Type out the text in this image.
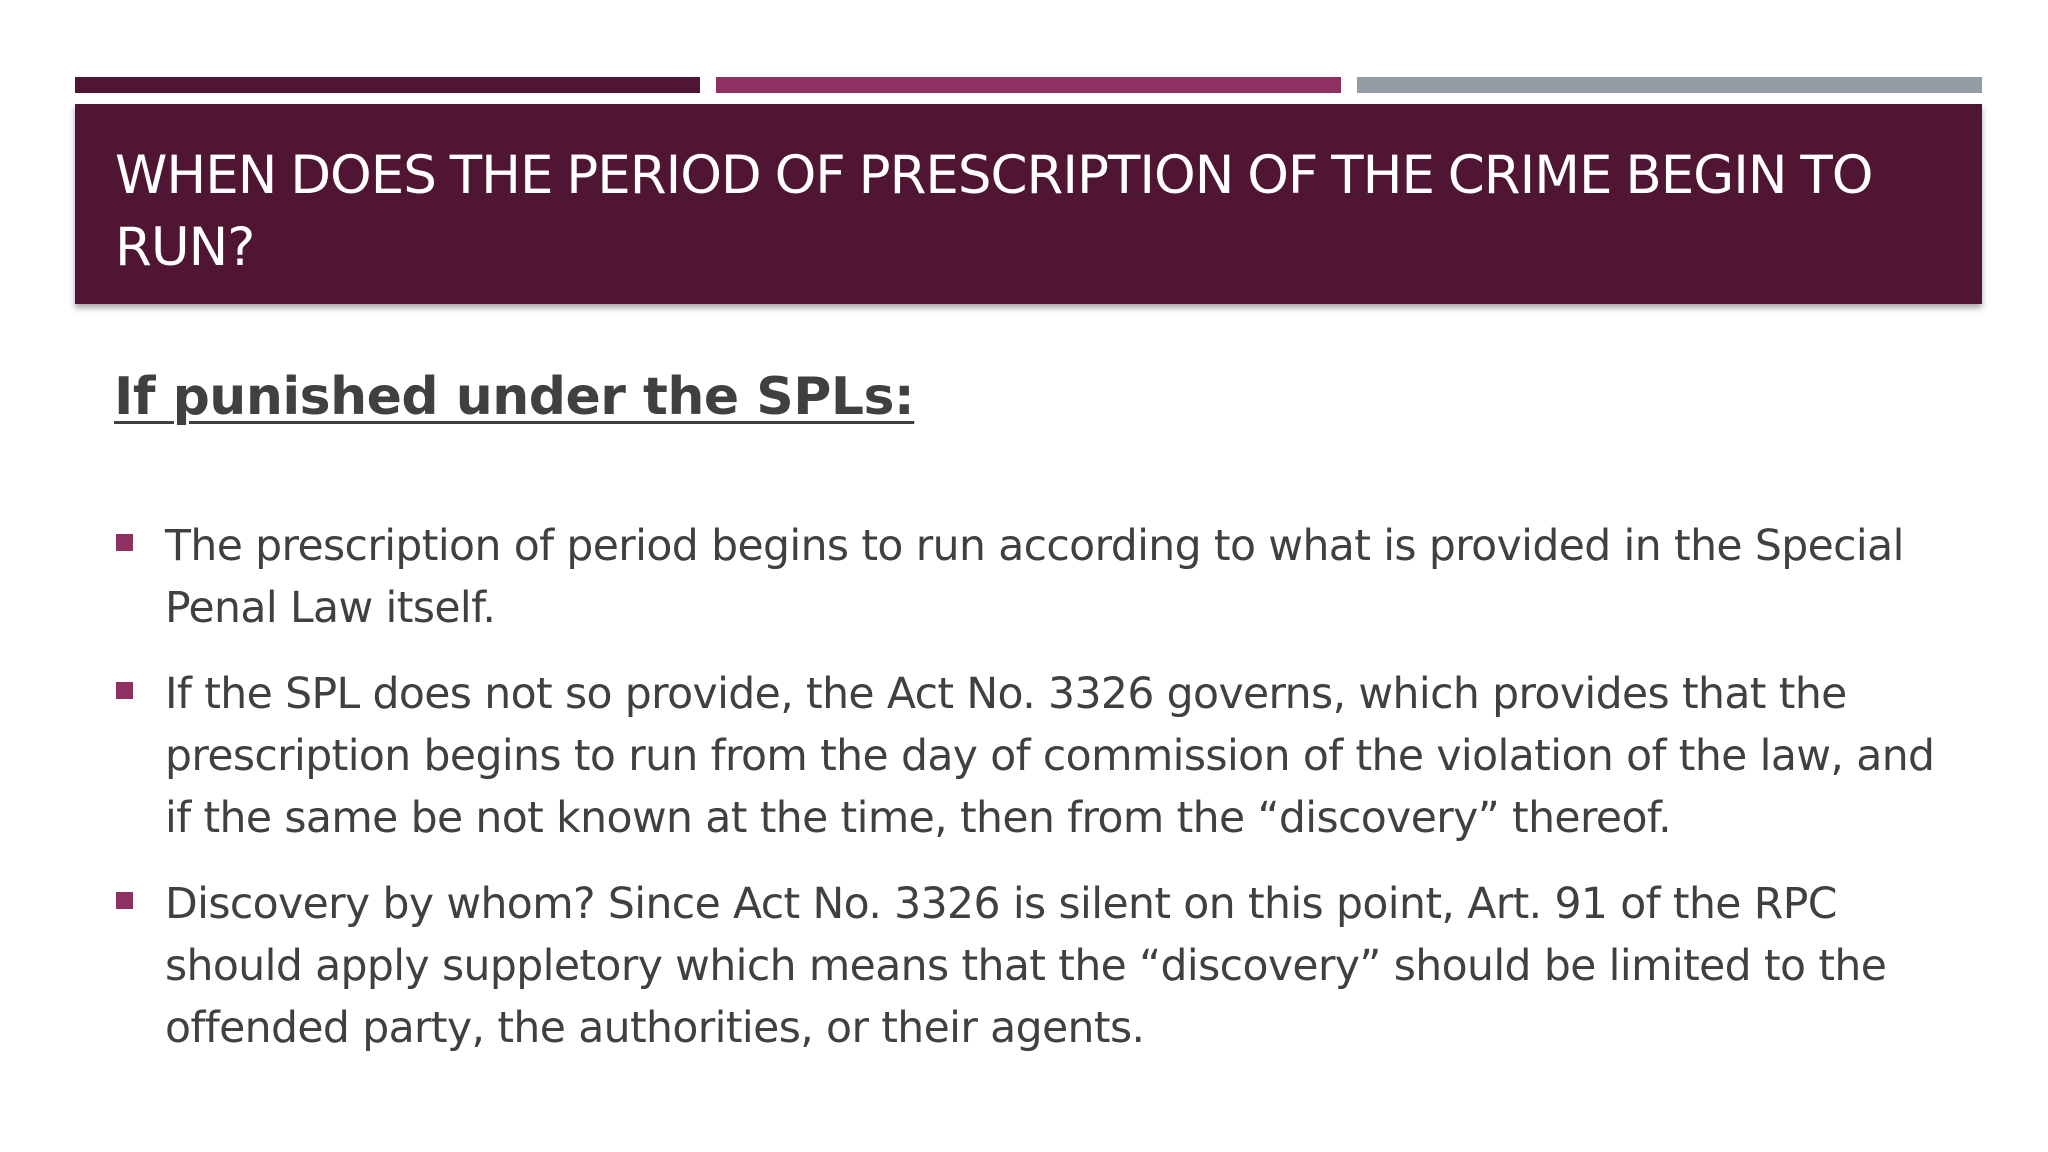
WHEN DOES THE PERIOD OF PRESCRIPTION OF THE CRIME BEGIN TO RUN?
If punished under the SPLs:
The prescription of period begins to run according to what is provided in the Special Penal Law itself.
If the SPL does not so provide, the Act No. 3326 governs, which provides that the prescription begins to run from the day of commission of the violation of the law, and if the same be not known at the time, then from the “discovery” thereof.
Discovery by whom? Since Act No. 3326 is silent on this point, Art. 91 of the RPC should apply suppletory which means that the “discovery” should be limited to the offended party, the authorities, or their agents.
